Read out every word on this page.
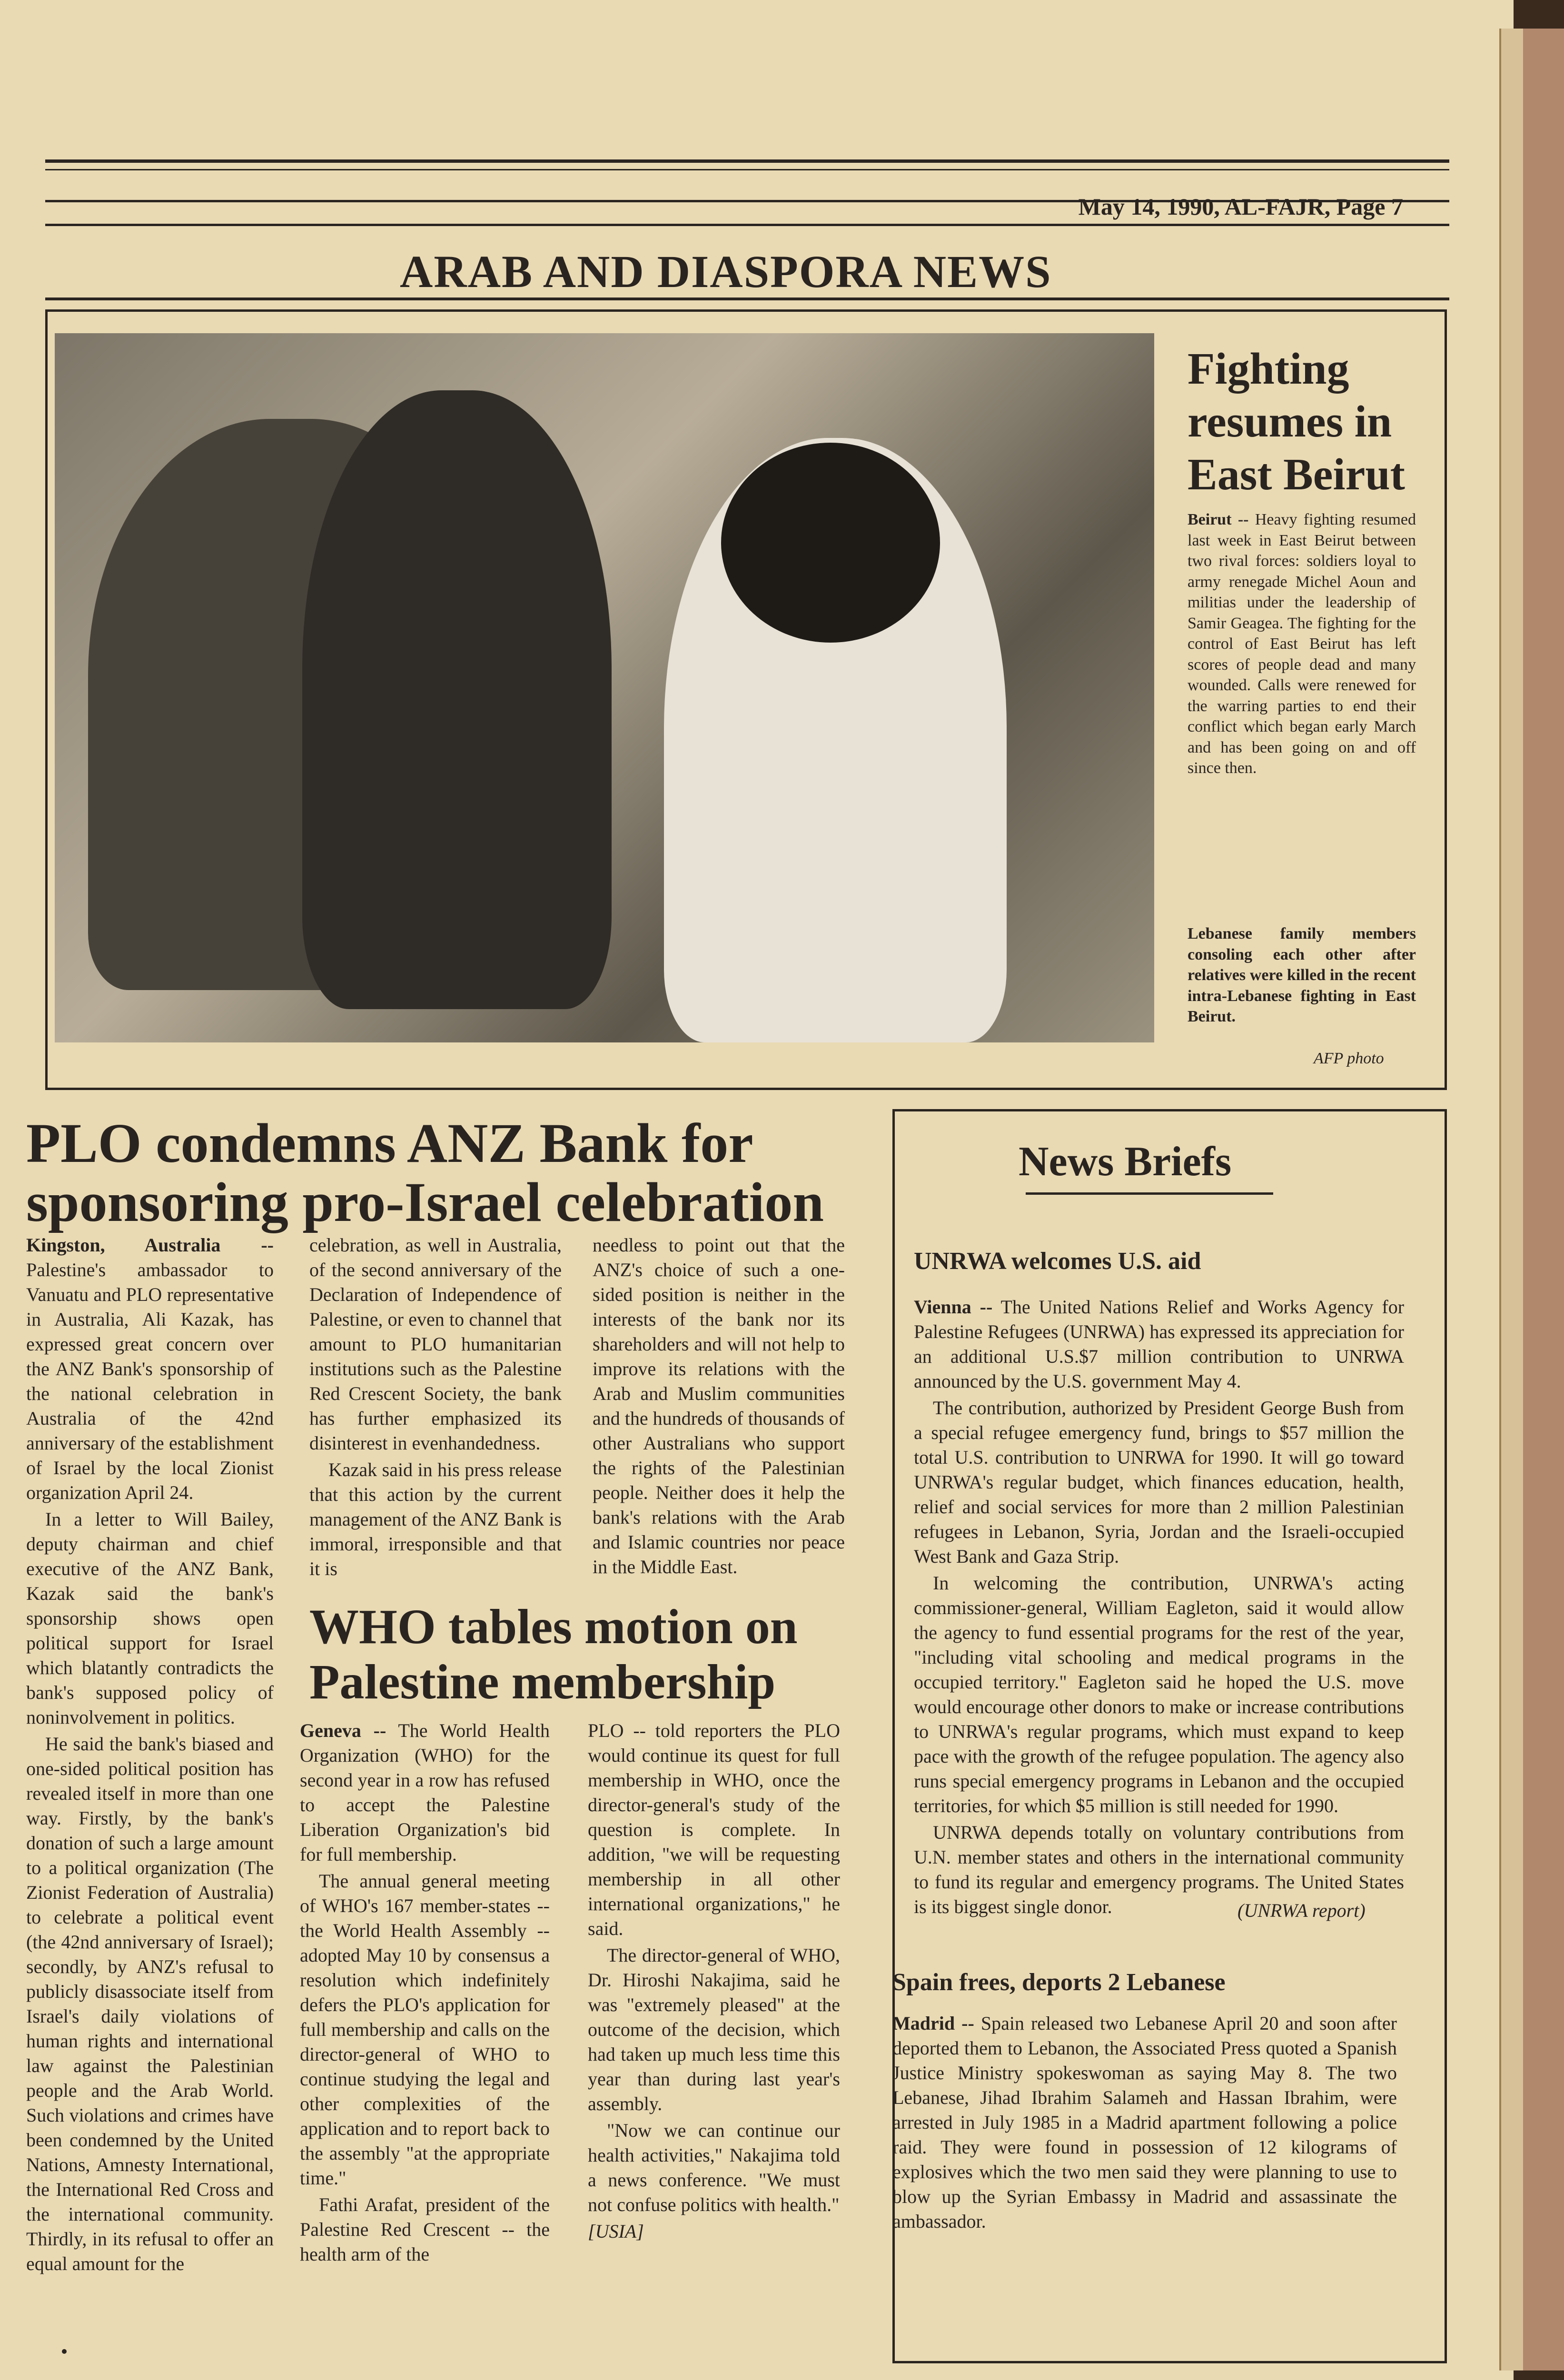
May 14, 1990, AL-FAJR, Page 7
ARAB AND DIASPORA NEWS
Fighting
resumes in
East Beirut
Beirut -- Heavy fighting resumed last week in East Beirut between two rival forces: soldiers loyal to army renegade Michel Aoun and militias under the leadership of Samir Geagea. The fighting for the control of East Beirut has left scores of people dead and many wounded. Calls were renewed for the warring parties to end their conflict which began early March and has been going on and off since then.
Lebanese family members consoling each other after relatives were killed in the recent intra-Lebanese fighting in East Beirut.
AFP photo
PLO condemns ANZ Bank for
sponsoring pro-Israel celebration

Kingston, Australia -- Palestine's ambassador to Vanuatu and PLO representative in Australia, Ali Kazak, has expressed great concern over the ANZ Bank's sponsorship of the national celebration in Australia of the 42nd anniversary of the establishment of Israel by the local Zionist organization April 24.

In a letter to Will Bailey, deputy chairman and chief executive of the ANZ Bank, Kazak said the bank's sponsorship shows open political support for Israel which blatantly contradicts the bank's supposed policy of noninvolvement in politics.

He said the bank's biased and one-sided political position has revealed itself in more than one way. Firstly, by the bank's donation of such a large amount to a political organization (The Zionist Federation of Australia) to celebrate a political event (the 42nd anniversary of Israel); secondly, by ANZ's refusal to publicly disassociate itself from Israel's daily violations of human rights and international law against the Palestinian people and the Arab World. Such violations and crimes have been condemned by the United Nations, Amnesty International, the International Red Cross and the international community. Thirdly, in its refusal to offer an equal amount for the

celebration, as well in Australia, of the second anniversary of the Declaration of Independence of Palestine, or even to channel that amount to PLO humanitarian institutions such as the Palestine Red Crescent Society, the bank has further emphasized its disinterest in evenhandedness.

Kazak said in his press release that this action by the current management of the ANZ Bank is immoral, irresponsible and that it is

needless to point out that the ANZ's choice of such a one-sided position is neither in the interests of the bank nor its shareholders and will not help to improve its relations with the Arab and Muslim communities and the hundreds of thousands of other Australians who support the rights of the Palestinian people. Neither does it help the bank's relations with the Arab and Islamic countries nor peace in the Middle East.

WHO tables motion on
Palestine membership

Geneva -- The World Health Organization (WHO) for the second year in a row has refused to accept the Palestine Liberation Organization's bid for full membership.

The annual general meeting of WHO's 167 member-states -- the World Health Assembly -- adopted May 10 by consensus a resolution which indefinitely defers the PLO's application for full membership and calls on the director-general of WHO to continue studying the legal and other complexities of the application and to report back to the assembly "at the appropriate time."

Fathi Arafat, president of the Palestine Red Crescent -- the health arm of the

PLO -- told reporters the PLO would continue its quest for full membership in WHO, once the director-general's study of the question is complete. In addition, "we will be requesting membership in all other international organizations," he said.

The director-general of WHO, Dr. Hiroshi Nakajima, said he was "extremely pleased" at the outcome of the decision, which had taken up much less time this year than during last year's assembly.

"Now we can continue our health activities," Nakajima told a news conference. "We must not confuse politics with health."

[USIA]

News Briefs
UNRWA welcomes U.S. aid

Vienna -- The United Nations Relief and Works Agency for Palestine Refugees (UNRWA) has expressed its appreciation for an additional U.S.$7 million contribution to UNRWA announced by the U.S. government May 4.

The contribution, authorized by President George Bush from a special refugee emergency fund, brings to $57 million the total U.S. contribution to UNRWA for 1990. It will go toward UNRWA's regular budget, which finances education, health, relief and social services for more than 2 million Palestinian refugees in Lebanon, Syria, Jordan and the Israeli-occupied West Bank and Gaza Strip.

In welcoming the contribution, UNRWA's acting commissioner-general, William Eagleton, said it would allow the agency to fund essential programs for the rest of the year, "including vital schooling and medical programs in the occupied territory." Eagleton said he hoped the U.S. move would encourage other donors to make or increase contributions to UNRWA's regular programs, which must expand to keep pace with the growth of the refugee population. The agency also runs special emergency programs in Lebanon and the occupied territories, for which $5 million is still needed for 1990.

UNRWA depends totally on voluntary contributions from U.N. member states and others in the international community to fund its regular and emergency programs. The United States is its biggest single donor.	(UNRWA report)
Spain frees, deports 2 Lebanese

Madrid -- Spain released two Lebanese April 20 and soon after deported them to Lebanon, the Associated Press quoted a Spanish Justice Ministry spokeswoman as saying May 8. The two Lebanese, Jihad Ibrahim Salameh and Hassan Ibrahim, were arrested in July 1985 in a Madrid apartment following a police raid. They were found in possession of 12 kilograms of explosives which the two men said they were planning to use to blow up the Syrian Embassy in Madrid and assassinate the ambassador.
